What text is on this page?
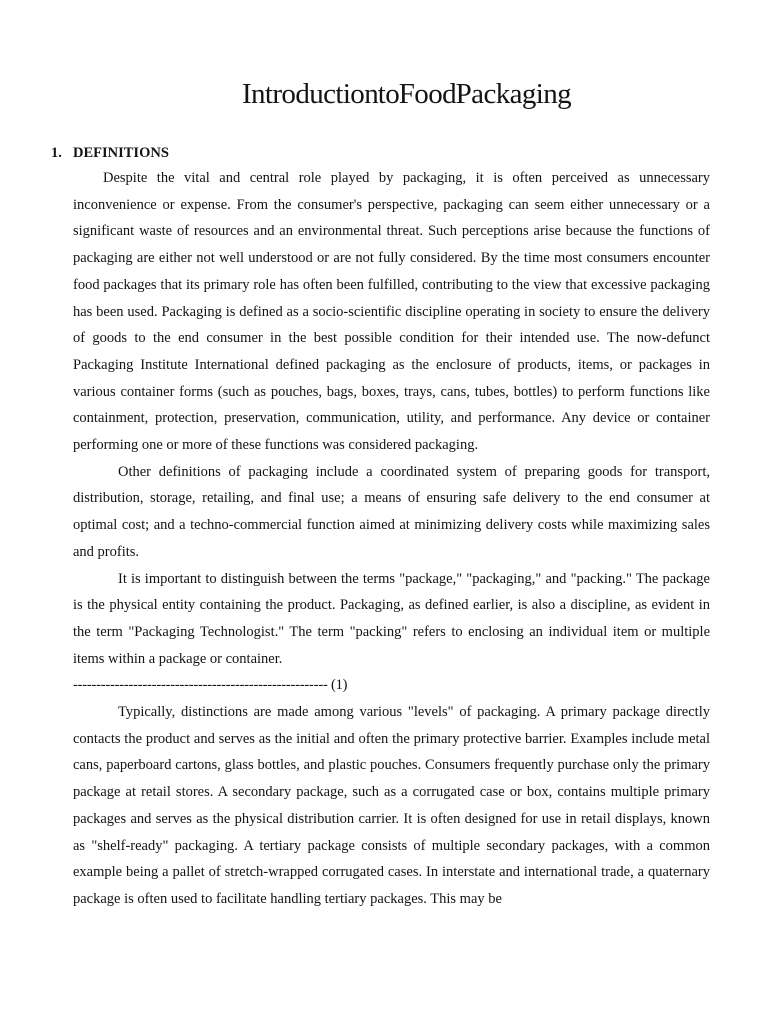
Introduction to Food Packaging
1. DEFINITIONS

Despite the vital and central role played by packaging, it is often perceived as unnecessary inconvenience or expense. From the consumer's perspective, packaging can seem either unnecessary or a significant waste of resources and an environmental threat. Such perceptions arise because the functions of packaging are either not well understood or are not fully considered. By the time most consumers encounter food packages that its primary role has often been fulfilled, contributing to the view that excessive packaging has been used. Packaging is defined as a socio-scientific discipline operating in society to ensure the delivery of goods to the end consumer in the best possible condition for their intended use. The now-defunct Packaging Institute International defined packaging as the enclosure of products, items, or packages in various container forms (such as pouches, bags, boxes, trays, cans, tubes, bottles) to perform functions like containment, protection, preservation, communication, utility, and performance. Any device or container performing one or more of these functions was considered packaging.

Other definitions of packaging include a coordinated system of preparing goods for transport, distribution, storage, retailing, and final use; a means of ensuring safe delivery to the end consumer at optimal cost; and a techno-commercial function aimed at minimizing delivery costs while maximizing sales and profits.

It is important to distinguish between the terms "package," "packaging," and "packing." The package is the physical entity containing the product. Packaging, as defined earlier, is also a discipline, as evident in the term "Packaging Technologist." The term "packing" refers to enclosing an individual item or multiple items within a package or container.

------------------------------------------------------- (1)

Typically, distinctions are made among various "levels" of packaging. A primary package directly contacts the product and serves as the initial and often the primary protective barrier. Examples include metal cans, paperboard cartons, glass bottles, and plastic pouches. Consumers frequently purchase only the primary package at retail stores. A secondary package, such as a corrugated case or box, contains multiple primary packages and serves as the physical distribution carrier. It is often designed for use in retail displays, known as "shelf-ready" packaging. A tertiary package consists of multiple secondary packages, with a common example being a pallet of stretch-wrapped corrugated cases. In interstate and international trade, a quaternary package is often used to facilitate handling tertiary packages. This may be
